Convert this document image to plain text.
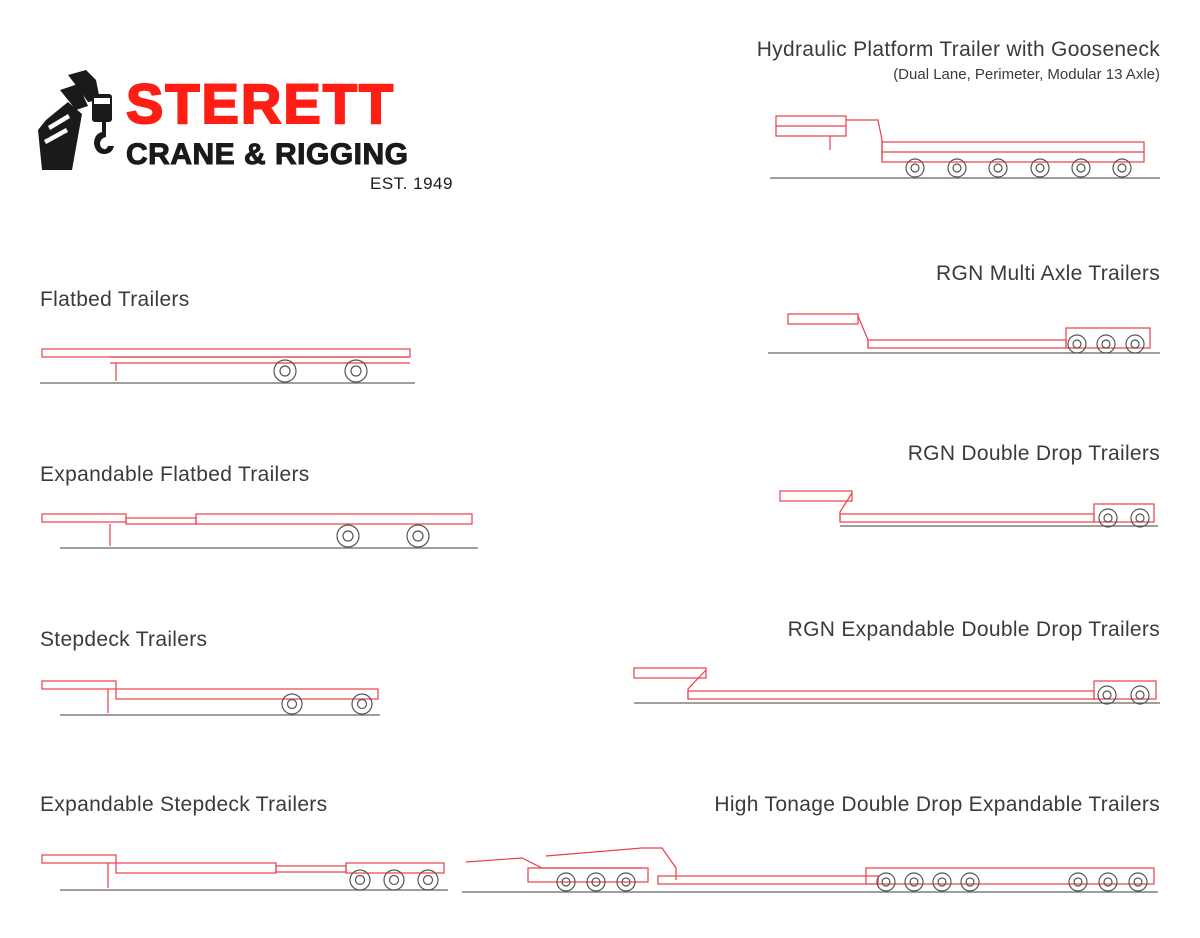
STERETT
CRANE & RIGGING
EST. 1949
Hydraulic Platform Trailer with Gooseneck
(Dual Lane, Perimeter, Modular 13 Axle)
Flatbed Trailers
RGN Multi Axle Trailers
Expandable Flatbed Trailers
RGN Double Drop Trailers
Stepdeck Trailers	RGN Expandable Double Drop Trailers
Expandable Stepdeck Trailers	High Tonage Double Drop Expandable Trailers
